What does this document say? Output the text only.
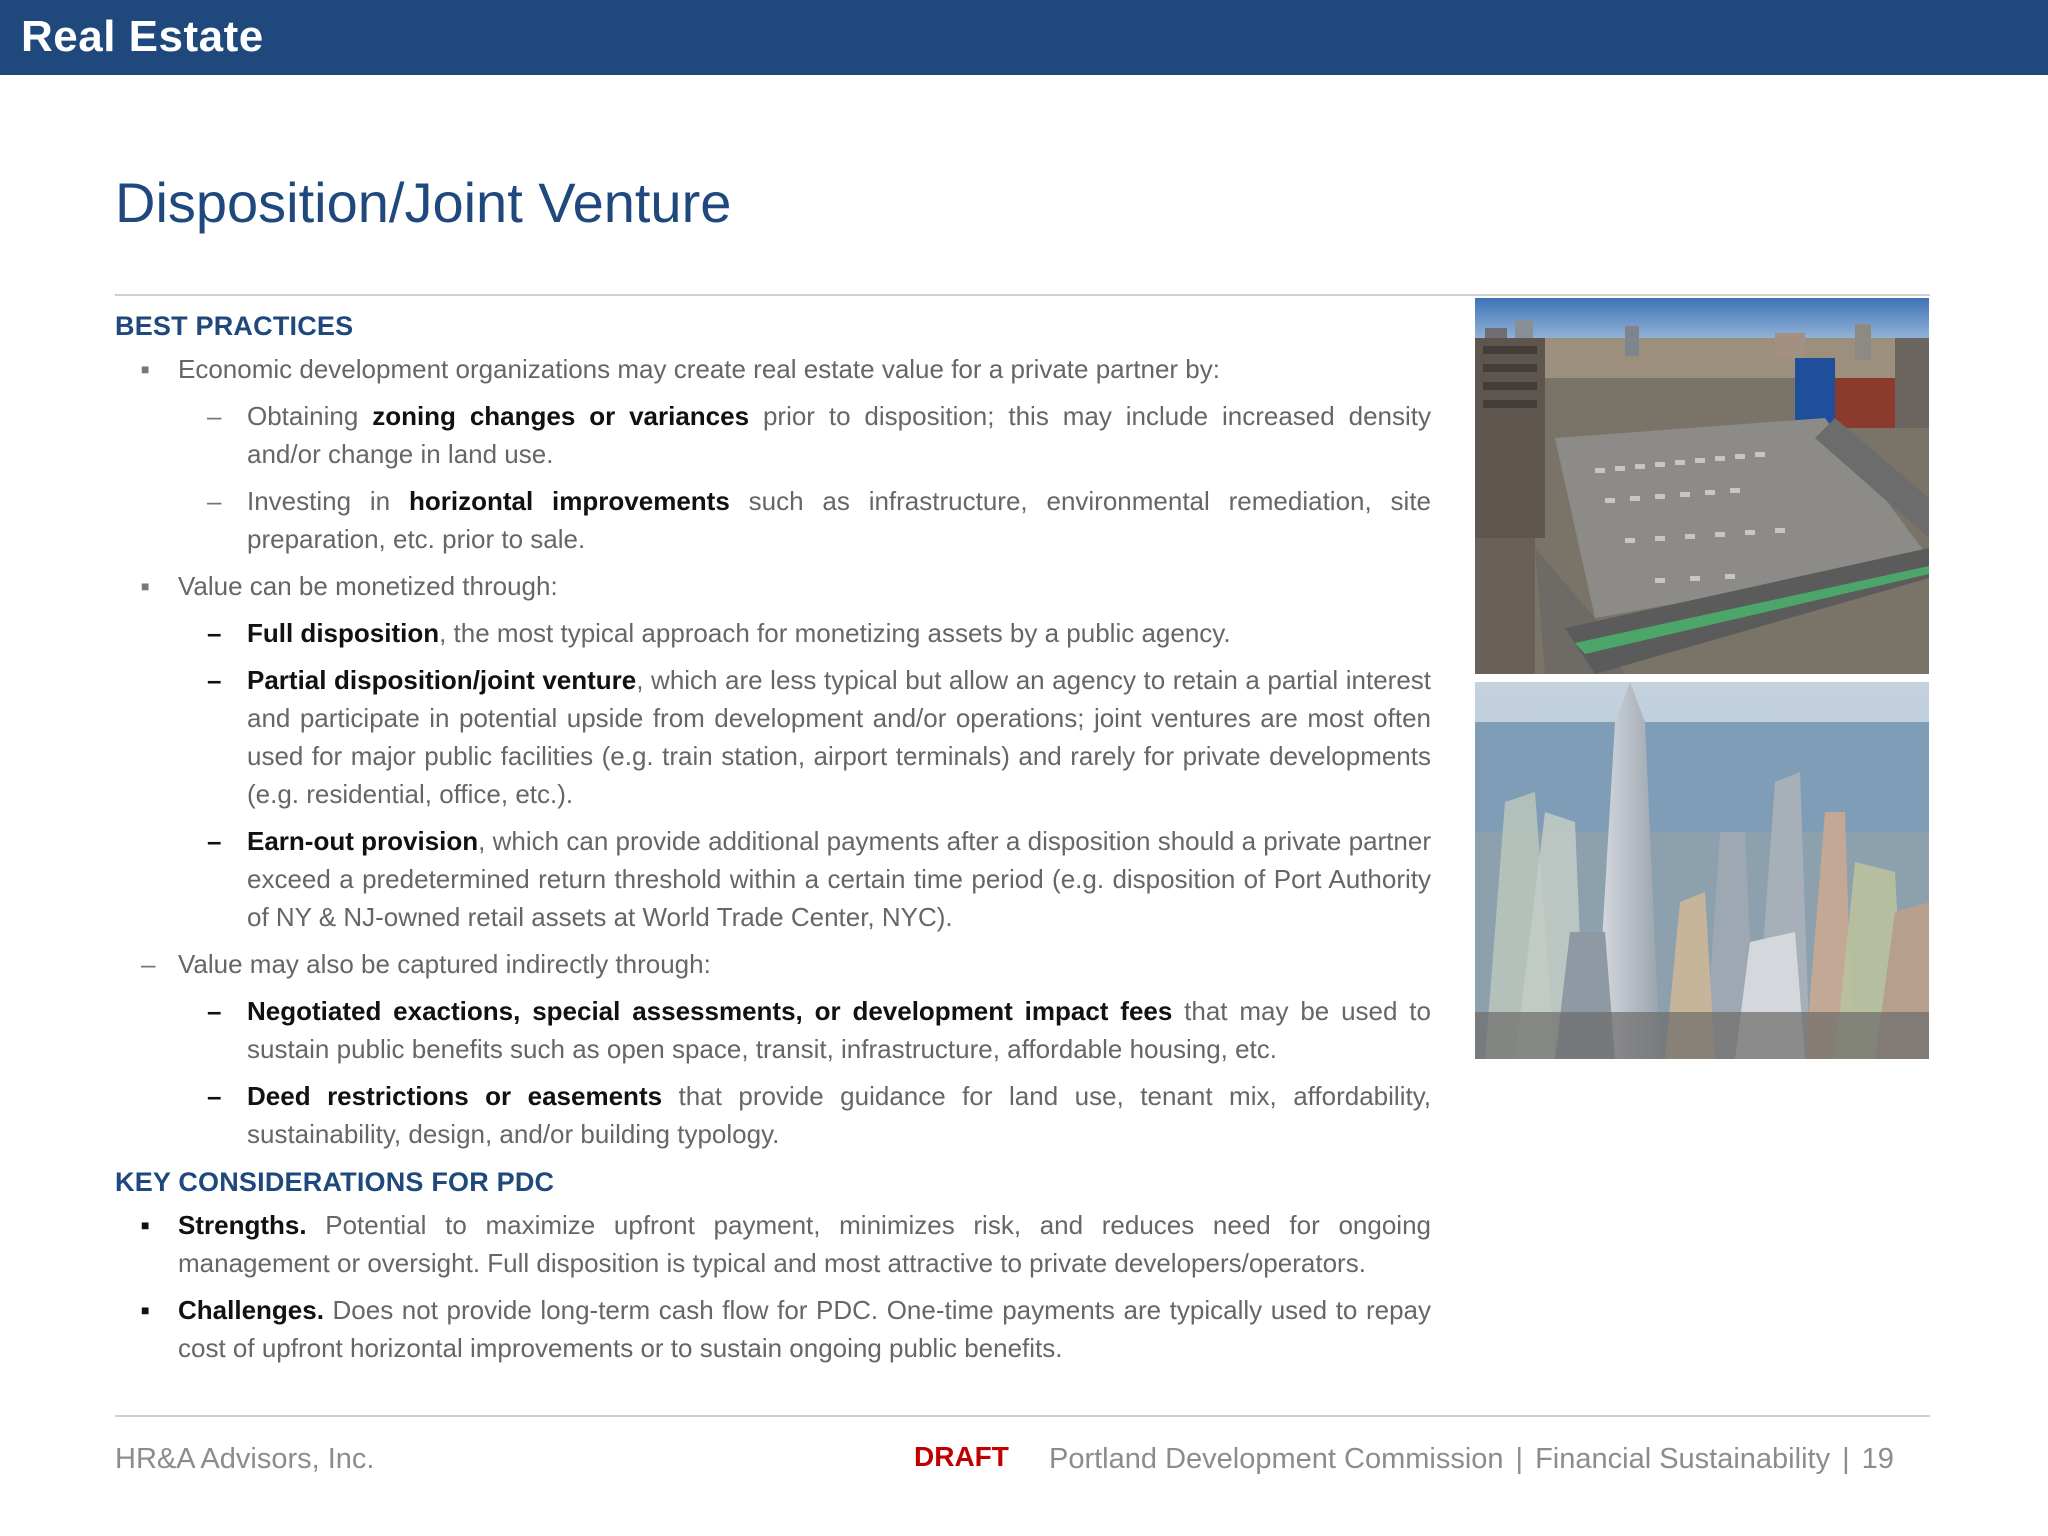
Real Estate
Disposition/Joint Venture
BEST PRACTICES
■ Economic development organizations may create real estate value for a private partner by:
– Obtaining zoning changes or variances prior to disposition; this may include increased density and/or change in land use.
– Investing in horizontal improvements such as infrastructure, environmental remediation, site preparation, etc. prior to sale.
■ Value can be monetized through:
– Full disposition, the most typical approach for monetizing assets by a public agency.
– Partial disposition/joint venture, which are less typical but allow an agency to retain a partial interest and participate in potential upside from development and/or operations; joint ventures are most often used for major public facilities (e.g. train station, airport terminals) and rarely for private developments (e.g. residential, office, etc.).
– Earn-out provision, which can provide additional payments after a disposition should a private partner exceed a predetermined return threshold within a certain time period (e.g. disposition of Port Authority of NY & NJ-owned retail assets at World Trade Center, NYC).
– Value may also be captured indirectly through:
– Negotiated exactions, special assessments, or development impact fees that may be used to sustain public benefits such as open space, transit, infrastructure, affordable housing, etc.
– Deed restrictions or easements that provide guidance for land use, tenant mix, affordability, sustainability, design, and/or building typology.
KEY CONSIDERATIONS FOR PDC
■ Strengths. Potential to maximize upfront payment, minimizes risk, and reduces need for ongoing management or oversight. Full disposition is typical and most attractive to private developers/operators.
■ Challenges. Does not provide long-term cash flow for PDC. One-time payments are typically used to repay cost of upfront horizontal improvements or to sustain ongoing public benefits.
HR&A Advisors, Inc.	DRAFT Portland Development Commission | Financial Sustainability | 19
